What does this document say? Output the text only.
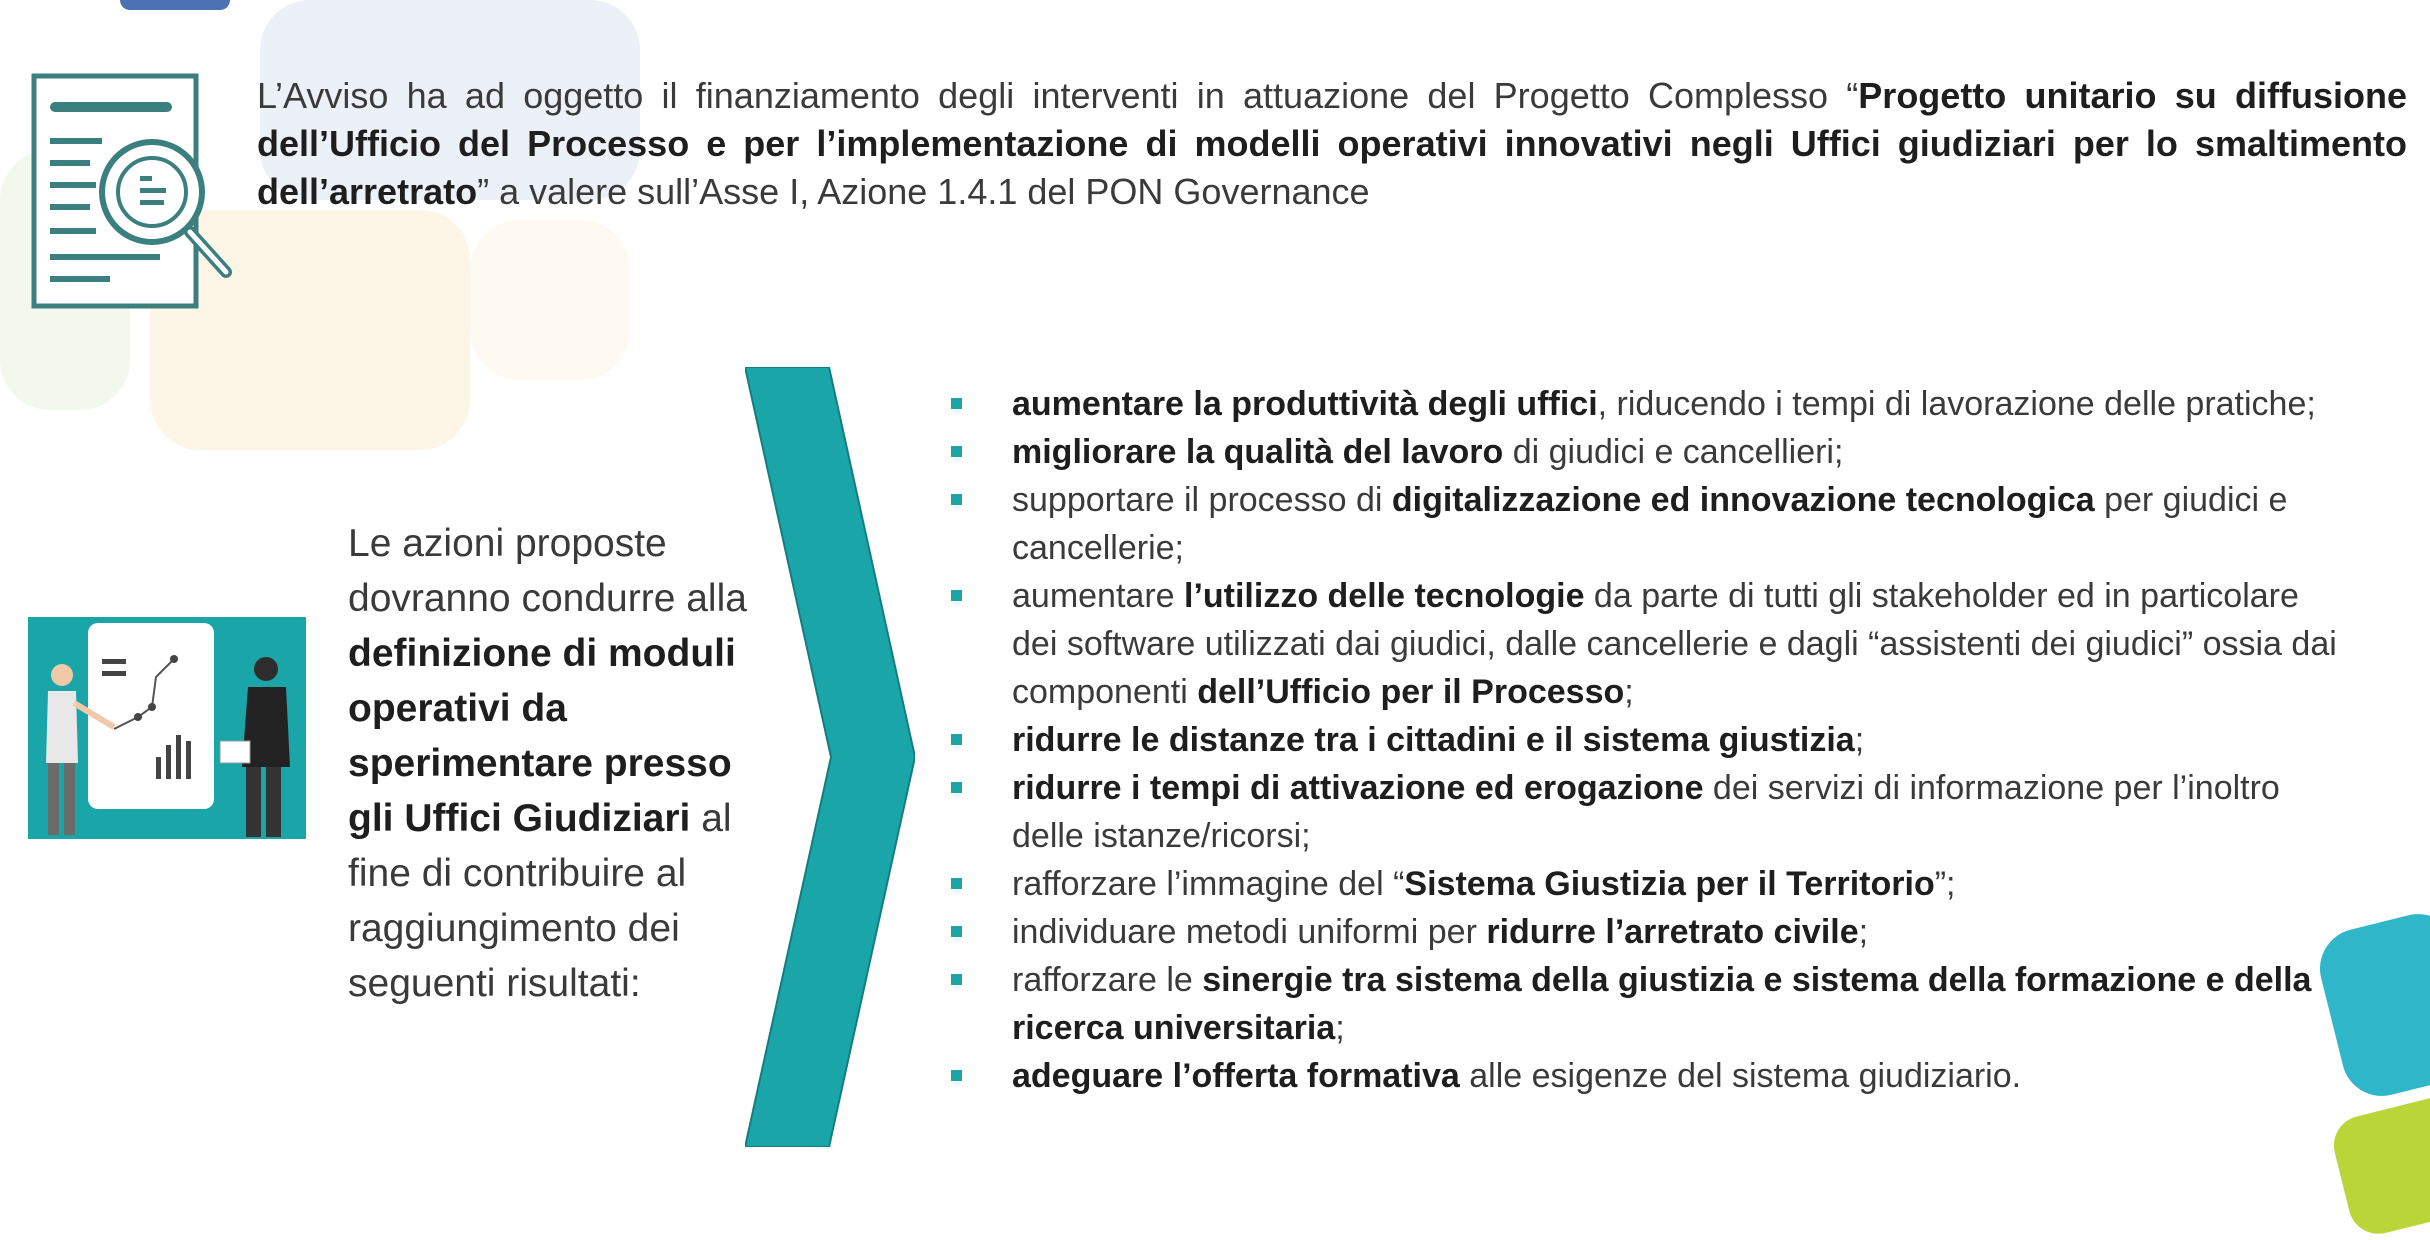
L’Avviso ha ad oggetto il finanziamento degli interventi in attuazione del Progetto Complesso “Progetto unitario su diffusione dell’Ufficio del Processo e per l’implementazione di modelli operativi innovativi negli Uffici giudiziari per lo smaltimento dell’arretrato” a valere sull’Asse I, Azione 1.4.1 del PON Governance
Le azioni proposte dovranno condurre alla definizione di moduli operativi da sperimentare presso gli Uffici Giudiziari al fine di contribuire al raggiungimento dei seguenti risultati:
aumentare la produttività degli uffici, riducendo i tempi di lavorazione delle pratiche;
migliorare la qualità del lavoro di giudici e cancellieri;
supportare il processo di digitalizzazione ed innovazione tecnologica per giudici e cancellerie;
aumentare l’utilizzo delle tecnologie da parte di tutti gli stakeholder ed in particolare dei software utilizzati dai giudici, dalle cancellerie e dagli “assistenti dei giudici” ossia dai componenti dell’Ufficio per il Processo;
ridurre le distanze tra i cittadini e il sistema giustizia;
ridurre i tempi di attivazione ed erogazione dei servizi di informazione per l’inoltro delle istanze/ricorsi;
rafforzare l’immagine del “Sistema Giustizia per il Territorio”;
individuare metodi uniformi per ridurre l’arretrato civile;
rafforzare le sinergie tra sistema della giustizia e sistema della formazione e della ricerca universitaria;
adeguare l’offerta formativa alle esigenze del sistema giudiziario.
